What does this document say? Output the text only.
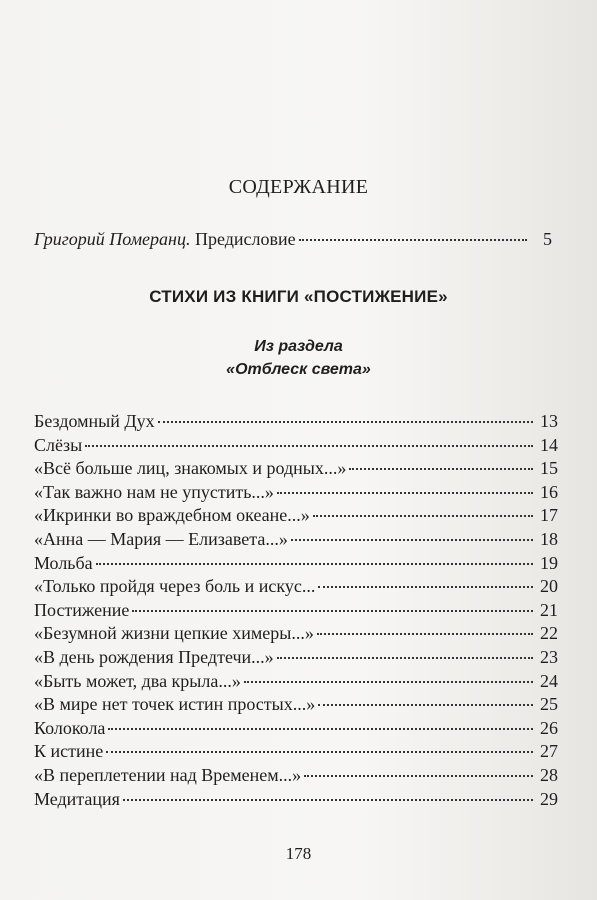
СОДЕРЖАНИЕ
Григорий Померанц. Предисловие	5
СТИХИ ИЗ КНИГИ «ПОСТИЖЕНИЕ»
Из раздела
«Отблеск света»
Бездомный Дух	13
Слёзы	14
«Всё больше лиц, знакомых и родных...»	15
«Так важно нам не упустить...»	16
«Икринки во враждебном океане...»	17
«Анна — Мария — Елизавета...»	18
Мольба	19
«Только пройдя через боль и искус...	20
Постижение	21
«Безумной жизни цепкие химеры...»	22
«В день рождения Предтечи...»	23
«Быть может, два крыла...»	24
«В мире нет точек истин простых...»	25
Колокола	26
К истине	27
«В переплетении над Временем...»	28
Медитация	29
178
